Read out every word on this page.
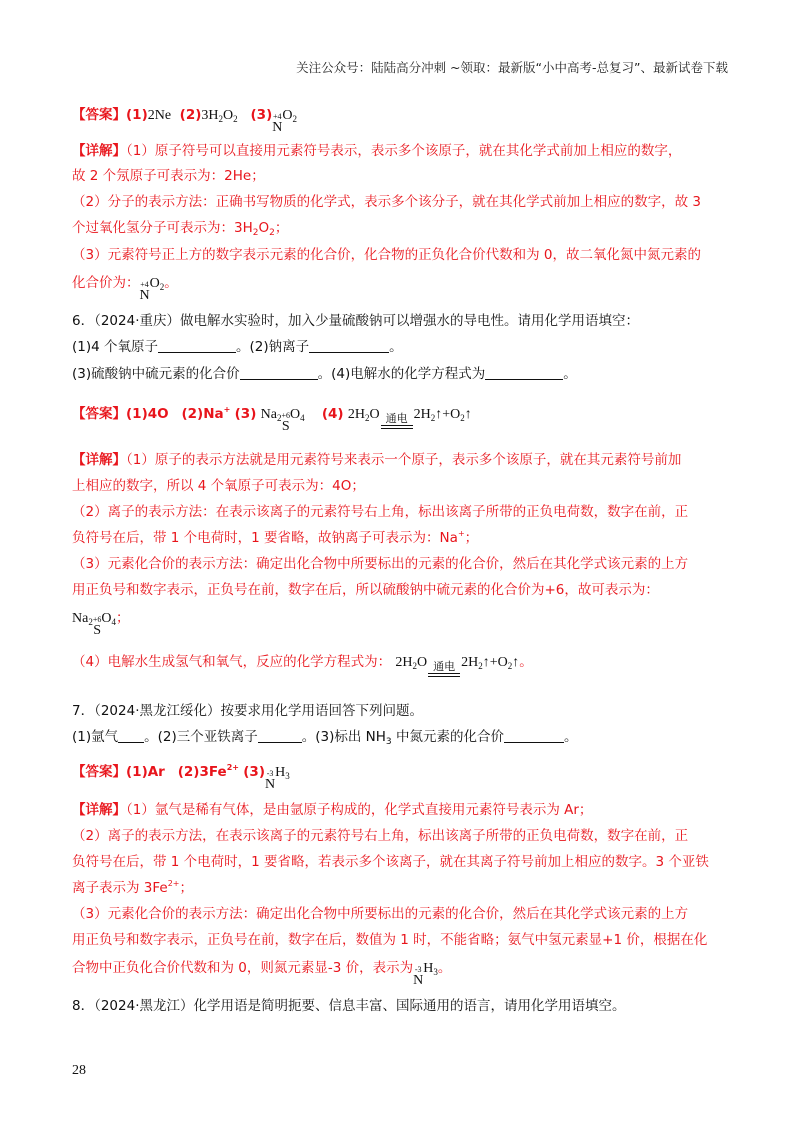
关注公众号：陆陆高分冲刺 ~领取：最新版“小中高考-总复习”、最新试卷下载
【答案】(1)2Ne $(2)3H_2O_2$ (3) +4
N
$O_2$
【详解】（1）原子符号可以直接用元素符号表示，表示多个该原子，就在其化学式前加上相应的数字，
故 2 个氖原子可表示为：2He；
（2）分子的表示方法：正确书写物质的化学式，表示多个该分子，就在其化学式前加上相应的数字，故 3
个过氧化氢分子可表示为：$3H_2O_2$；
（3）元素符号正上方的数字表示元素的化合价，化合物的正负化合价代数和为 0，故二氧化氮中氮元素的
化合价为： +4
N
$O_2$。
6．（2024·重庆）做电解水实验时，加入少量硫酸钠可以增强水的导电性。请用化学用语填空：
(1)4 个氧原子	。(2)钠离子	。
(3)硫酸钠中硫元素的化合价	。(4)电解水的化学方程式为	。
【答案】(1)4O (2)Na+ (3) $Na_2 +6$
S
$O_4$ (4) $2H_2O$ 通电 $2H_2↑+O_2↑$
【详解】（1）原子的表示方法就是用元素符号来表示一个原子，表示多个该原子，就在其元素符号前加
上相应的数字，所以 4 个氧原子可表示为：4O；
（2）离子的表示方法：在表示该离子的元素符号右上角，标出该离子所带的正负电荷数，数字在前，正
负符号在后，带 1 个电荷时，1 要省略，故钠离子可表示为：Na+；
（3）元素化合价的表示方法：确定出化合物中所要标出的元素的化合价，然后在其化学式该元素的上方
用正负号和数字表示，正负号在前，数字在后，所以硫酸钠中硫元素的化合价为+6，故可表示为：
$Na_2 +6$
S
$O_4$；
（4）电解水生成氢气和氧气，反应的化学方程式为： $2H_2O$ 通电 $2H_2↑+O_2↑$。
7．（2024·黑龙江绥化）按要求用化学用语回答下列问题。
(1)氩气 。(2)三个亚铁离子	。(3)标出 $NH_3$ 中氮元素的化合价	。
【答案】(1)Ar $(2)3Fe^{2+}$ (3) -3
N
$H_3$
【详解】（1）氩气是稀有气体，是由氩原子构成的，化学式直接用元素符号表示为 Ar；
（2）离子的表示方法，在表示该离子的元素符号右上角，标出该离子所带的正负电荷数，数字在前，正
负符号在后，带 1 个电荷时，1 要省略，若表示多个该离子，就在其离子符号前加上相应的数字。3 个亚铁
离子表示为 $3Fe^{2+}$；
（3）元素化合价的表示方法：确定出化合物中所要标出的元素的化合价，然后在其化学式该元素的上方
用正负号和数字表示，正负号在前，数字在后，数值为 1 时，不能省略；氨气中氢元素显+1 价，根据在化
合物中正负化合价代数和为 0，则氮元素显-3 价，表示为 -3
N
$H_3$。
8．（2024·黑龙江）化学用语是简明扼要、信息丰富、国际通用的语言，请用化学用语填空。
28
